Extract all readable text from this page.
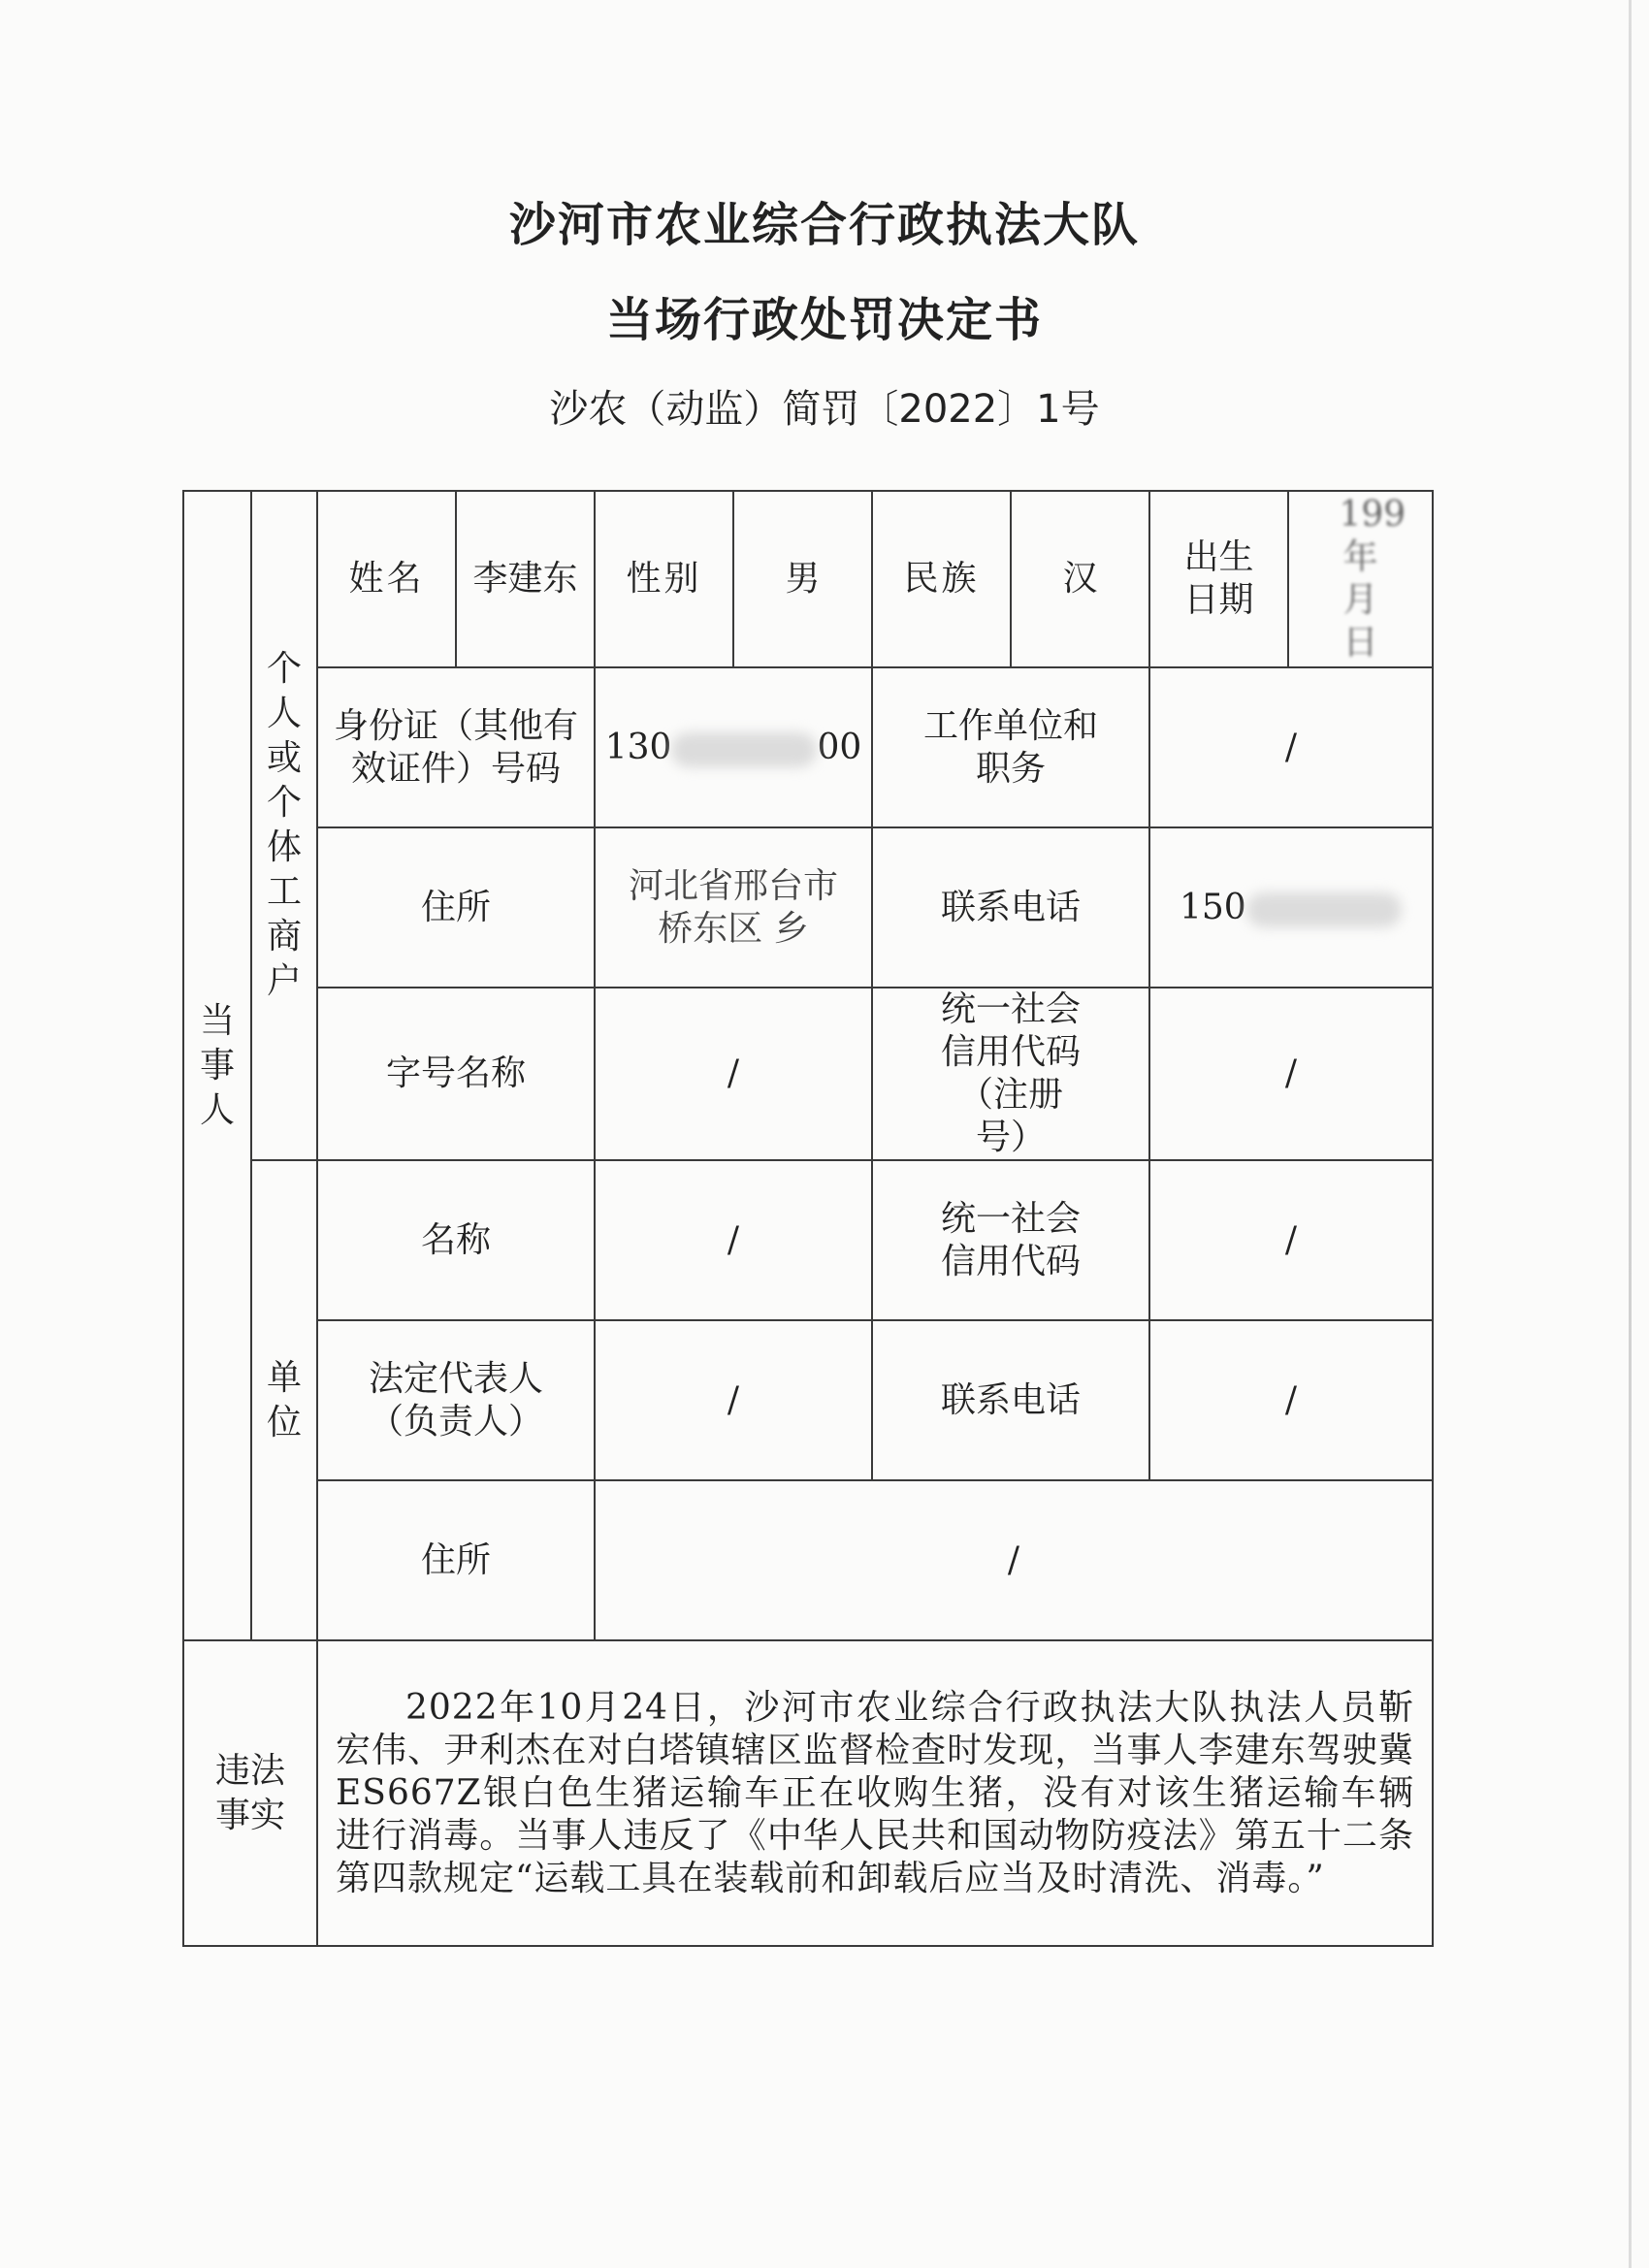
沙河市农业综合行政执法大队
当场行政处罚决定书
沙农（动监）简罚〔2022〕1号
当事人	个人或个体工商户	姓名	李建东	性别	男	民族	汉	出生日期	199 年 月 日
		身份证（其他有效证件）号码		130 00		工作单位和职务		/	
		住所		河北省邢台市桥东区 乡		联系电话		150	
		字号名称		/		统一社会信用代码（注册号）		/	
	单位	名称		/		统一社会信用代码		/	
		法定代表人（负责人）		/		联系电话		/	
		住所		/					
违法事实		2022年10月24日，沙河市农业综合行政执法大队执法人员靳宏伟、尹利杰在对白塔镇辖区监督检查时发现，当事人李建东驾驶冀ES667Z银白色生猪运输车正在收购生猪，没有对该生猪运输车辆进行消毒。当事人违反了《中华人民共和国动物防疫法》第五十二条第四款规定“运载工具在装载前和卸载后应当及时清洗、消毒。”							
